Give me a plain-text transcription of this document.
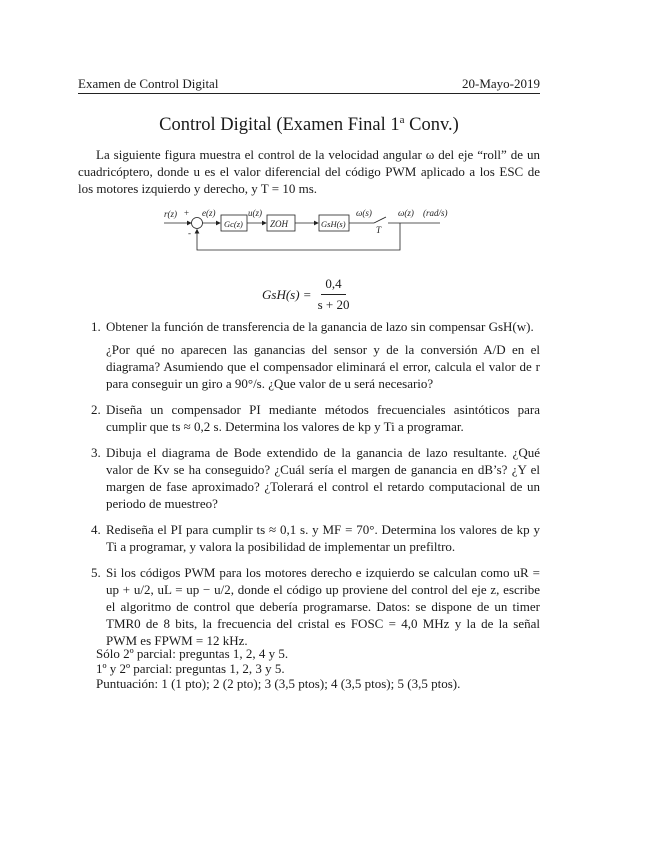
Examen de Control Digital	20-Mayo-2019
Control Digital (Examen Final 1$^a$ Conv.)
La siguiente figura muestra el control de la velocidad angular ω del eje “roll” de un cuadricóptero, donde u es el valor diferencial del código PWM aplicado a los ESC de los motores izquierdo y derecho, y T = 10 ms.
r(z) +
-
e(z)	u(z)	ω(s)
T
ω(z) (rad/s)
Gc(z)	ZOH	GsH(s)
$GsH(s) = \frac{0,4}{s + 20}$
1. Obtener la función de transferencia de la ganancia de lazo sin compensar GsH(w).

¿Por qué no aparecen las ganancias del sensor y de la conversión A/D en el diagrama? Asumiendo que el compensador eliminará el error, calcula el valor de r para conseguir un giro a 90°/s. ¿Que valor de u será necesario?

2. Diseña un compensador PI mediante métodos frecuenciales asintóticos para cumplir que ts ≈ 0,2 s. Determina los valores de kp y Ti a programar.

3. Dibuja el diagrama de Bode extendido de la ganancia de lazo resultante. ¿Qué valor de Kv se ha conseguido? ¿Cuál sería el margen de ganancia en dB’s? ¿Y el margen de fase aproximado? ¿Tolerará el control el retardo computacional de un periodo de muestreo?

4. Rediseña el PI para cumplir ts ≈ 0,1 s. y MF = 70°. Determina los valores de kp y Ti a programar, y valora la posibilidad de implementar un prefiltro.

5. Si los códigos PWM para los motores derecho e izquierdo se calculan como uR = up + u/2, uL = up − u/2, donde el código up proviene del control del eje z, escribe el algoritmo de control que debería programarse. Datos: se dispone de un timer TMR0 de 8 bits, la frecuencia del cristal es FOSC = 4,0 MHz y la de la señal PWM es FPWM = 12 kHz.

Sólo 2º parcial: preguntas 1, 2, 4 y 5.
1º y 2º parcial: preguntas 1, 2, 3 y 5.
Puntuación: 1 (1 pto); 2 (2 pto); 3 (3,5 ptos); 4 (3,5 ptos); 5 (3,5 ptos).
